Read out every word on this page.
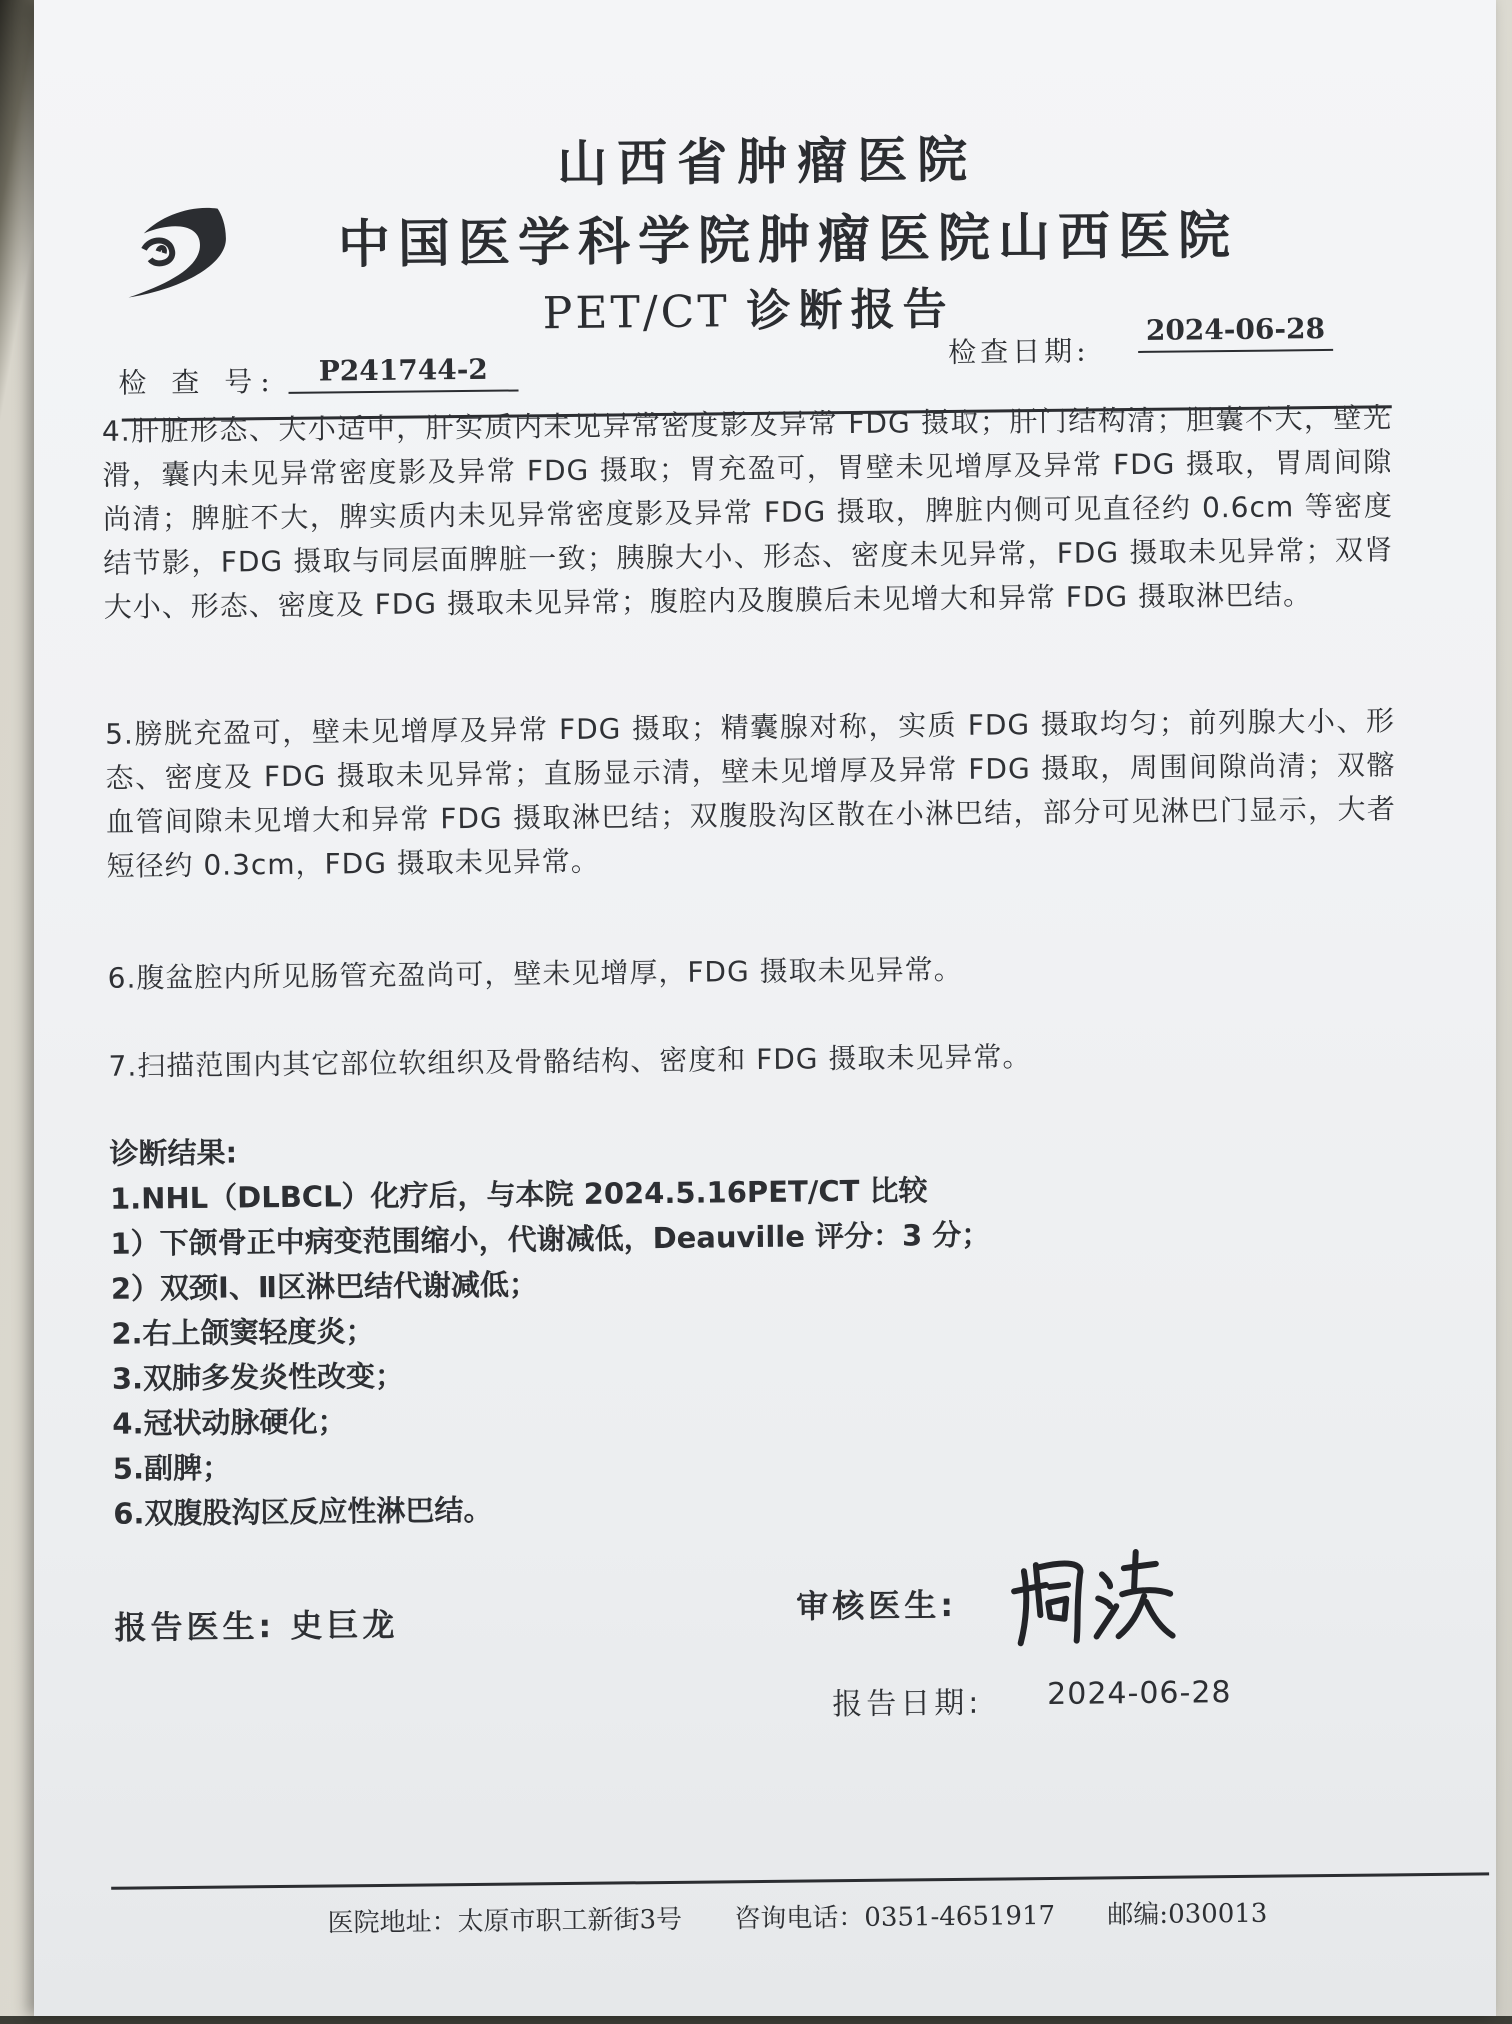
山西省肿瘤医院
中国医学科学院肿瘤医院山西医院
PET/CT 诊断报告
检 查 号:	P241744-2
检查日期:
2024-06-28

4.肝脏形态、大小适中，肝实质内未见异常密度影及异常 FDG 摄取；肝门结构清；胆囊不大，壁光滑，囊内未见异常密度影及异常 FDG 摄取；胃充盈可，胃壁未见增厚及异常 FDG 摄取，胃周间隙尚清；脾脏不大，脾实质内未见异常密度影及异常 FDG 摄取，脾脏内侧可见直径约 0.6cm 等密度结节影，FDG 摄取与同层面脾脏一致；胰腺大小、形态、密度未见异常，FDG 摄取未见异常；双肾大小、形态、密度及 FDG 摄取未见异常；腹腔内及腹膜后未见增大和异常 FDG 摄取淋巴结。

5.膀胱充盈可，壁未见增厚及异常 FDG 摄取；精囊腺对称，实质 FDG 摄取均匀；前列腺大小、形态、密度及 FDG 摄取未见异常；直肠显示清，壁未见增厚及异常 FDG 摄取，周围间隙尚清；双髂血管间隙未见增大和异常 FDG 摄取淋巴结；双腹股沟区散在小淋巴结，部分可见淋巴门显示，大者短径约 0.3cm，FDG 摄取未见异常。

6.腹盆腔内所见肠管充盈尚可，壁未见增厚，FDG 摄取未见异常。

7.扫描范围内其它部位软组织及骨骼结构、密度和 FDG 摄取未见异常。

诊断结果:
1.NHL（DLBCL）化疗后，与本院 2024.5.16PET/CT 比较
1）下颌骨正中病变范围缩小，代谢减低，Deauville 评分：3 分；
2）双颈Ⅰ、Ⅱ区淋巴结代谢减低；
2.右上颌窦轻度炎；
3.双肺多发炎性改变；
4.冠状动脉硬化；
5.副脾；
6.双腹股沟区反应性淋巴结。
报告医生: 史巨龙	审核医生:
报告日期: 2024-06-28
医院地址：太原市职工新街3号 咨询电话：0351-4651917 邮编:030013
